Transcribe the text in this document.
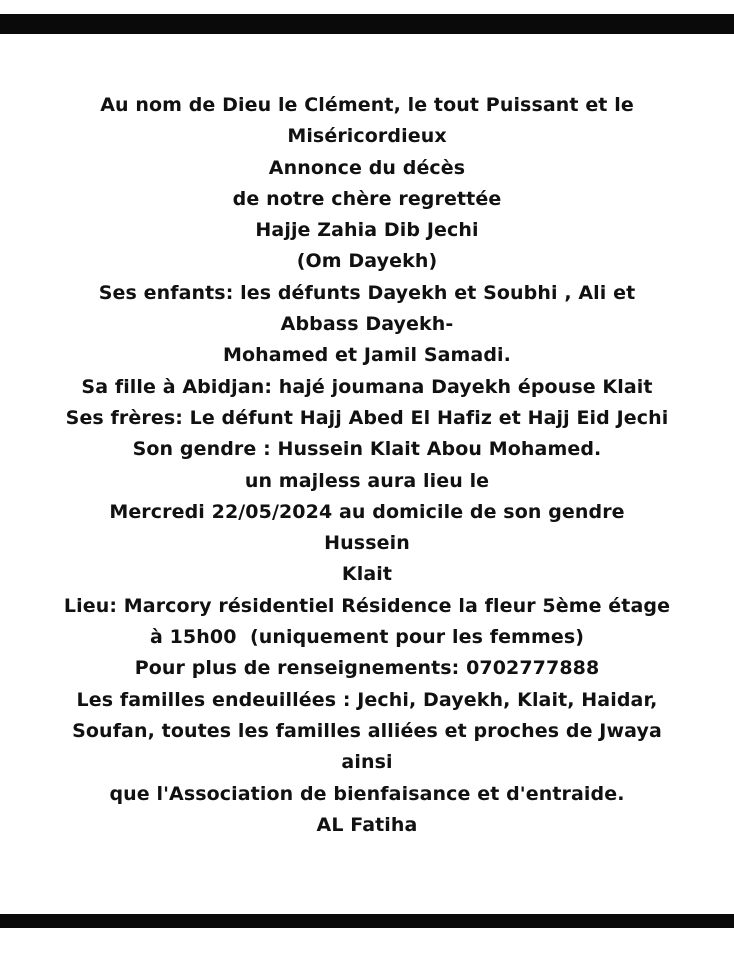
Au nom de Dieu le Clément, le tout Puissant et le
Miséricordieux
Annonce du décès
de notre chère regrettée
Hajje Zahia Dib Jechi
(Om Dayekh)
Ses enfants: les défunts Dayekh et Soubhi , Ali et
Abbass Dayekh-
Mohamed et Jamil Samadi.
Sa fille à Abidjan: hajé joumana Dayekh épouse Klait
Ses frères: Le défunt Hajj Abed El Hafiz et Hajj Eid Jechi
Son gendre : Hussein Klait Abou Mohamed.
un majless aura lieu le
Mercredi 22/05/2024 au domicile de son gendre
Hussein
Klait
Lieu: Marcory résidentiel Résidence la fleur 5ème étage
à 15h00  (uniquement pour les femmes)
Pour plus de renseignements: 0702777888
Les familles endeuillées : Jechi, Dayekh, Klait, Haidar,
Soufan, toutes les familles alliées et proches de Jwaya
ainsi
que l'Association de bienfaisance et d'entraide.
AL Fatiha
